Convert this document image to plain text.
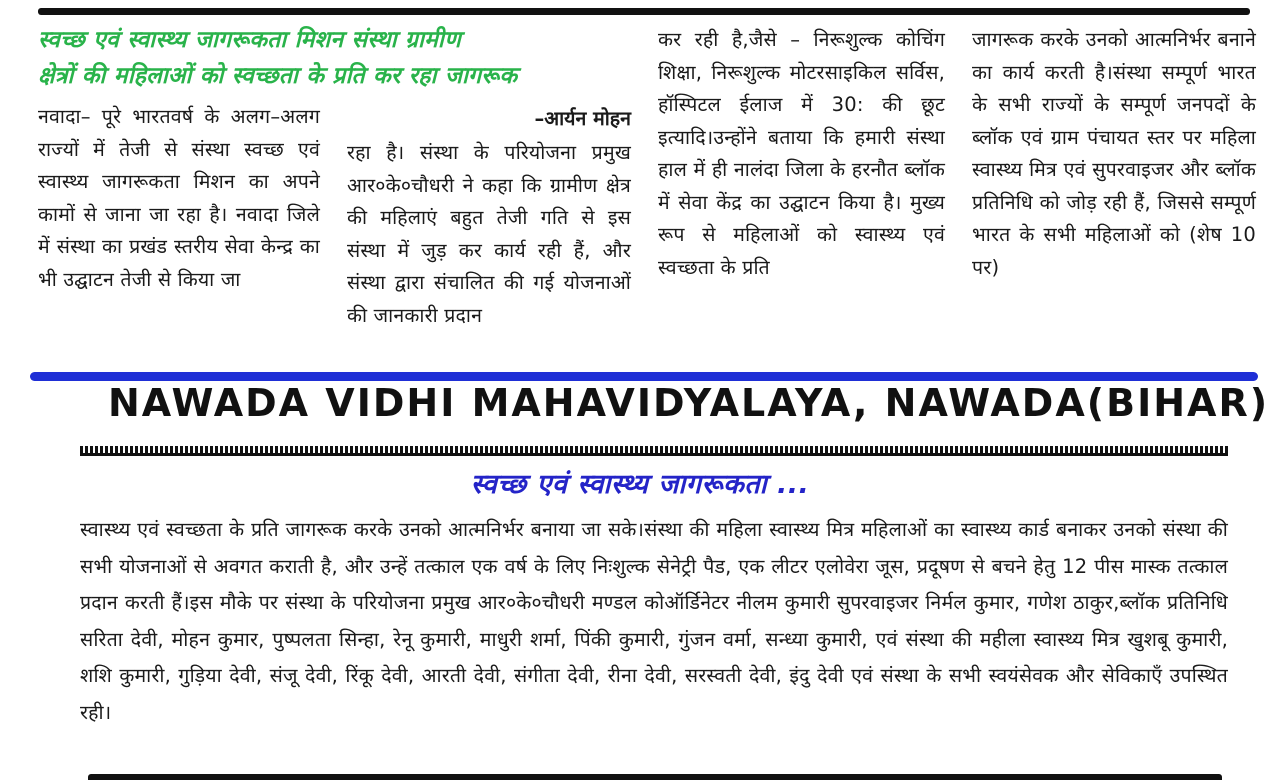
स्वच्छ एवं स्वास्थ्य जागरूकता मिशन संस्था ग्रामीण
क्षेत्रों की महिलाओं को स्वच्छता के प्रति कर रहा जागरूक

नवादा– पूरे भारतवर्ष के अलग–अलग राज्यों में तेजी से संस्था स्वच्छ एवं स्वास्थ्य जागरूकता मिशन का अपने कामों से जाना जा रहा है। नवादा जिले में संस्था का प्रखंड स्तरीय सेवा केन्द्र का भी उद्घाटन तेजी से किया जा

–आर्यन मोहन

रहा है। संस्था के परियोजना प्रमुख आर०के०चौधरी ने कहा कि ग्रामीण क्षेत्र की महिलाएं बहुत तेजी गति से इस संस्था में जुड़ कर कार्य रही हैं, और संस्था द्वारा संचालित की गई योजनाओं की जानकारी प्रदान

कर रही है,जैसे – निरूशुल्क कोचिंग शिक्षा, निरूशुल्क मोटरसाइकिल सर्विस, हॉस्पिटल ईलाज में 30: की छूट इत्यादि।उन्होंने बताया कि हमारी संस्था हाल में ही नालंदा जिला के हरनौत ब्लॉक में सेवा केंद्र का उद्घाटन किया है। मुख्य रूप से महिलाओं को स्वास्थ्य एवं स्वच्छता के प्रति

जागरूक करके उनको आत्मनिर्भर बनाने का कार्य करती है।संस्था सम्पूर्ण भारत के सभी राज्यों के सम्पूर्ण जनपदों के ब्लॉक एवं ग्राम पंचायत स्तर पर महिला स्वास्थ्य मित्र एवं सुपरवाइजर और ब्लॉक प्रतिनिधि को जोड़ रही हैं, जिससे सम्पूर्ण भारत के सभी महिलाओं को (शेष 10 पर)

NAWADA VIDHI MAHAVIDYALAYA, NAWADA(BIHAR)
स्वच्छ एवं स्वास्थ्य जागरूकता ...
स्वास्थ्य एवं स्वच्छता के प्रति जागरूक करके उनको आत्मनिर्भर बनाया जा सके।संस्था की महिला स्वास्थ्य मित्र महिलाओं का स्वास्थ्य कार्ड बनाकर उनको संस्था की सभी योजनाओं से अवगत कराती है, और उन्हें तत्काल एक वर्ष के लिए निःशुल्क सेनेट्री पैड, एक लीटर एलोवेरा जूस, प्रदूषण से बचने हेतु 12 पीस मास्क तत्काल प्रदान करती हैं।इस मौके पर संस्था के परियोजना प्रमुख आर०के०चौधरी मण्डल कोऑर्डिनेटर नीलम कुमारी सुपरवाइजर निर्मल कुमार, गणेश ठाकुर,ब्लॉक प्रतिनिधि सरिता देवी, मोहन कुमार, पुष्पलता सिन्हा, रेनू कुमारी, माधुरी शर्मा, पिंकी कुमारी, गुंजन वर्मा, सन्ध्या कुमारी, एवं संस्था की महीला स्वास्थ्य मित्र खुशबू कुमारी, शशि कुमारी, गुड़िया देवी, संजू देवी, रिंकू देवी, आरती देवी, संगीता देवी, रीना देवी, सरस्वती देवी, इंदु देवी एवं संस्था के सभी स्वयंसेवक और सेविकाएँ उपस्थित रही।
